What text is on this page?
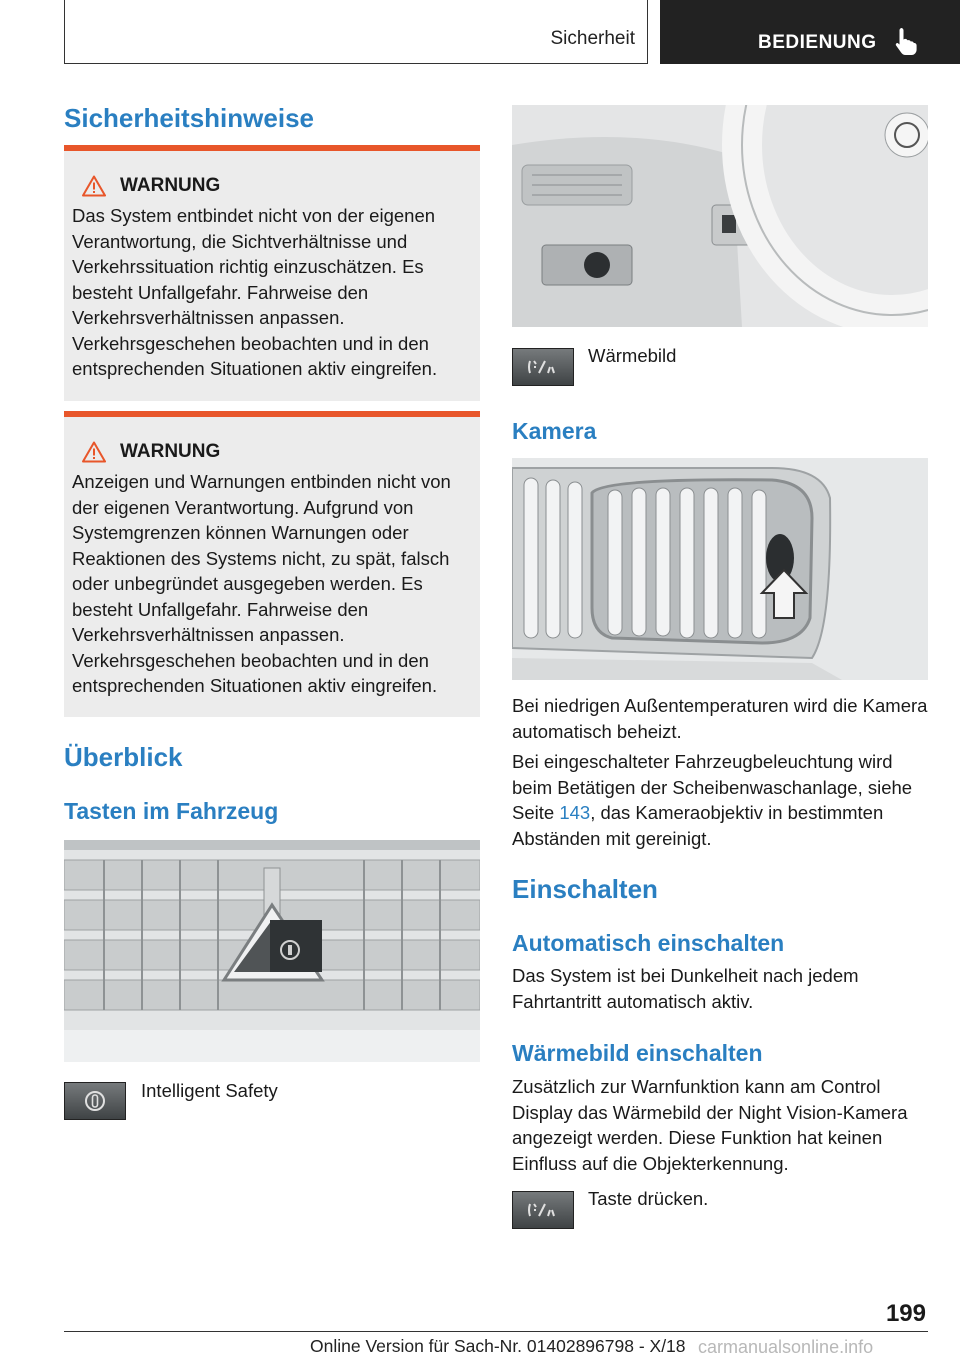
Sicherheit	BEDIENUNG
Sicherheitshinweise
WARNUNG
Das System entbindet nicht von der eigenen Verantwortung, die Sichtverhältnisse und Verkehrssituation richtig einzuschätzen. Es besteht Unfallgefahr. Fahrweise den Verkehrsverhältnissen anpassen. Verkehrsgeschehen beobachten und in den entsprechenden Situationen aktiv eingreifen.
WARNUNG
Anzeigen und Warnungen entbinden nicht von der eigenen Verantwortung. Aufgrund von Systemgrenzen können Warnungen oder Reaktionen des Systems nicht, zu spät, falsch oder unbegründet ausgegeben werden. Es besteht Unfallgefahr. Fahrweise den Verkehrsverhältnissen anpassen. Verkehrsgeschehen beobachten und in den entsprechenden Situationen aktiv eingreifen.
Überblick
Tasten im Fahrzeug
Intelligent Safety
Wärmebild
Kamera
Bei niedrigen Außentemperaturen wird die Kamera automatisch beheizt.
Bei eingeschalteter Fahrzeugbeleuchtung wird beim Betätigen der Scheibenwaschanlage, siehe Seite 143, das Kameraobjektiv in bestimmten Abständen mit gereinigt.
Einschalten
Automatisch einschalten
Das System ist bei Dunkelheit nach jedem Fahrtantritt automatisch aktiv.
Wärmebild einschalten
Zusätzlich zur Warnfunktion kann am Control Display das Wärmebild der Night Vision-Kamera angezeigt werden. Diese Funktion hat keinen Einfluss auf die Objekterkennung.
Taste drücken.
199
Online Version für Sach-Nr. 01402896798 - X/18 carmanualsonline.info
